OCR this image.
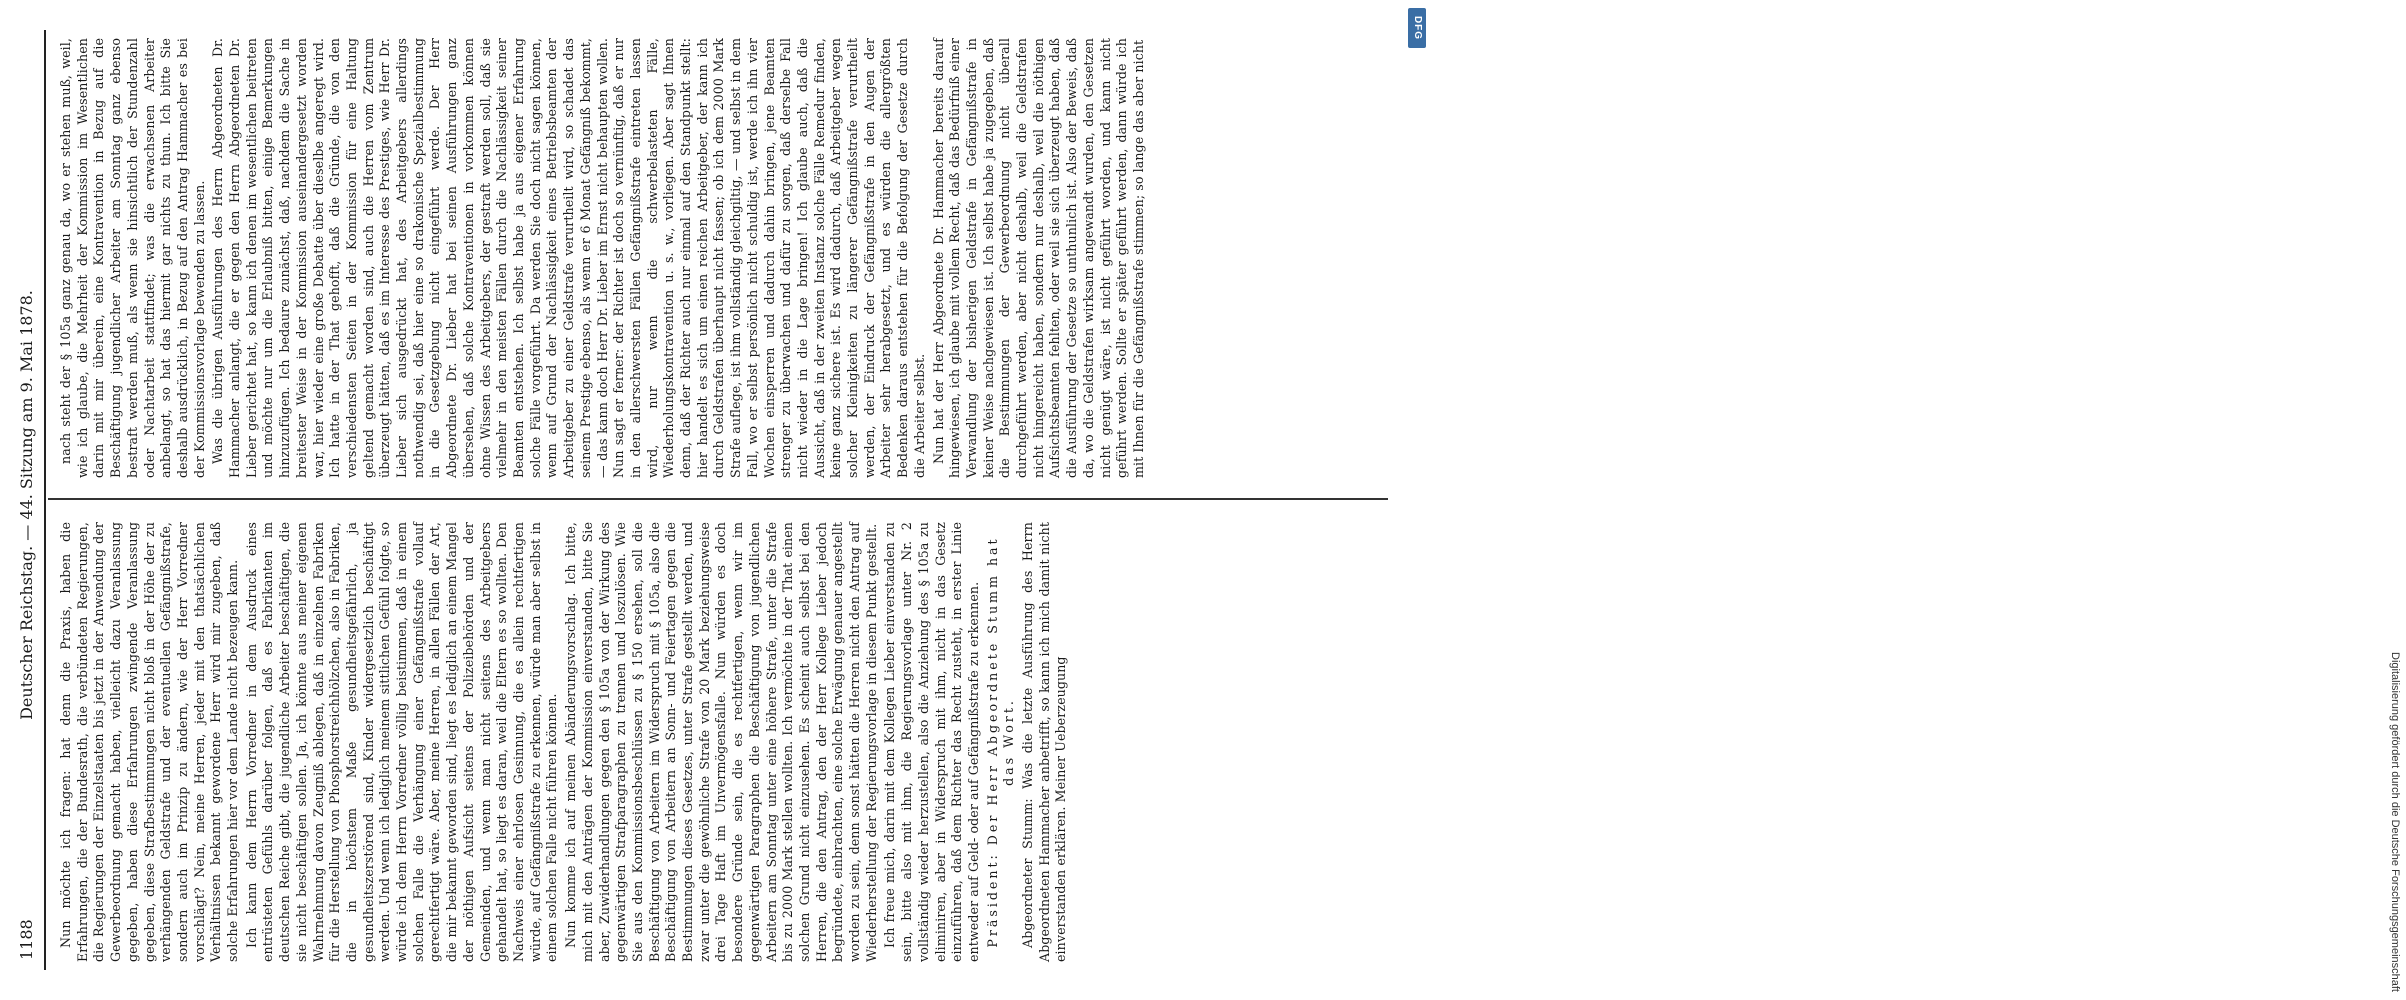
1188
Deutscher Reichstag. — 44. Sitzung am 9. Mai 1878.

Nun möchte ich fragen: hat denn die Praxis, haben die Erfahrungen, die der Bundesrath, die verbündeten Regierungen, die Regierungen der Einzelstaaten bis jetzt in der Anwendung der Gewerbeordnung gemacht haben, vielleicht dazu Veranlassung gegeben, haben diese Erfahrungen zwingende Veranlassung gegeben, diese Strafbestimmungen nicht bloß in der Höhe der zu verhängenden Geldstrafe und der eventuellen Gefängnißstrafe, sondern auch im Prinzip zu ändern, wie der Herr Vorredner vorschlägt? Nein, meine Herren, jeder mit den thatsächlichen Verhältnissen bekannt gewordene Herr wird mir zugeben, daß solche Erfahrungen hier vor dem Lande nicht bezeugen kann. Ich kann dem Herrn Vorredner in dem Ausdruck eines entrüsteten Gefühls darüber folgen, daß es Fabrikanten im deutschen Reiche gibt, die jugendliche Arbeiter beschäftigen, die sie nicht beschäftigen sollen. Ja, ich könnte aus meiner eigenen Wahrnehmung davon Zeugniß ablegen, daß in einzelnen Fabriken für die Herstellung von Phosphorstreichhölzchen, also in Fabriken, die in höchstem Maße gesundheitsgefährlich, ja gesundheitszerstörend sind, Kinder widergesetzlich beschäftigt werden. Und wenn ich lediglich meinem sittlichen Gefühl folgte, so würde ich dem Herrn Vorredner völlig beistimmen, daß in einem solchen Falle die Verhängung einer Gefängnißstrafe vollauf gerechtfertigt wäre. Aber, meine Herren, in allen Fällen der Art, die mir bekannt geworden sind, liegt es lediglich an einem Mangel der nöthigen Aufsicht seitens der Polizeibehörden und der Gemeinden, und wenn man nicht seitens des Arbeitgebers gehandelt hat, so liegt es daran, weil die Eltern es so wollten. Den Nachweis einer ehrlosen Gesinnung, die es allein rechtfertigen würde, auf Gefängnißstrafe zu erkennen, würde man aber selbst in einem solchen Falle nicht führen können. Nun komme ich auf meinen Abänderungsvorschlag. Ich bitte, mich mit den Anträgen der Kommission einverstanden, bitte Sie aber, Zuwiderhandlungen gegen den § 105a von der Wirkung des gegenwärtigen Strafparagraphen zu trennen und loszulösen. Wie Sie aus den Kommissionsbeschlüssen zu § 150 ersehen, soll die Beschäftigung von Arbeitern im Widerspruch mit § 105a, also die Beschäftigung von Arbeitern an Sonn- und Feiertagen gegen die Bestimmungen dieses Gesetzes, unter Strafe gestellt werden, und zwar unter die gewöhnliche Strafe von 20 Mark beziehungsweise drei Tage Haft im Unvermögensfalle. Nun würden es doch besondere Gründe sein, die es rechtfertigen, wenn wir im gegenwärtigen Paragraphen die Beschäftigung von jugendlichen Arbeitern am Sonntag unter eine höhere Strafe, unter die Strafe bis zu 2000 Mark stellen wollten. Ich vermöchte in der That einen solchen Grund nicht einzusehen. Es scheint auch selbst bei den Herren, die den Antrag, den der Herr Kollege Lieber jedoch begründete, einbrachten, eine solche Erwägung genauer angestellt worden zu sein, denn sonst hätten die Herren nicht den Antrag auf Wiederherstellung der Regierungsvorlage in diesem Punkt gestellt. Ich freue mich, darin mit dem Kollegen Lieber einverstanden zu sein, bitte also mit ihm, die Regierungsvorlage unter Nr. 2 vollständig wieder herzustellen, also die Anziehung des § 105a zu eliminiren, aber in Widerspruch mit ihm, nicht in das Gesetz einzuführen, daß dem Richter das Recht zusteht, in erster Linie entweder auf Geld- oder auf Gefängnißstrafe zu erkennen. Präsident: Der Herr Abgeordnete Stumm hat das Wort. Abgeordneter Stumm: Was die letzte Ausführung des Herrn Abgeordneten Hammacher anbetrifft, so kann ich mich damit nicht einverstanden erklären. Meiner Ueberzeugung

nach steht der § 105a ganz genau da, wo er stehen muß, weil, wie ich glaube, die Mehrheit der Kommission im Wesentlichen darin mit mir überein, eine Kontravention in Bezug auf die Beschäftigung jugendlicher Arbeiter am Sonntag ganz ebenso bestraft werden muß, als wenn sie hinsichtlich der Stundenzahl oder Nachtarbeit stattfindet; was die erwachsenen Arbeiter anbelangt, so hat das hiermit gar nichts zu thun. Ich bitte Sie deshalb ausdrücklich, in Bezug auf den Antrag Hammacher es bei der Kommissionsvorlage bewenden zu lassen. Was die übrigen Ausführungen des Herrn Abgeordneten Dr. Hammacher anlangt, die er gegen den Herrn Abgeordneten Dr. Lieber gerichtet hat, so kann ich denen im wesentlichen beitreten und möchte nur um die Erlaubniß bitten, einige Bemerkungen hinzuzufügen. Ich bedaure zunächst, daß, nachdem die Sache in breitester Weise in der Kommission auseinandergesetzt worden war, hier wieder eine große Debatte über dieselbe angeregt wird. Ich hatte in der That gehofft, daß die Gründe, die von den verschiedensten Seiten in der Kommission für eine Haltung geltend gemacht worden sind, auch die Herren vom Zentrum überzeugt hätten, daß es im Interesse des Prestiges, wie Herr Dr. Lieber sich ausgedrückt hat, des Arbeitgebers allerdings nothwendig sei, daß hier eine so drakonische Spezialbestimmung in die Gesetzgebung nicht eingeführt werde. Der Herr Abgeordnete Dr. Lieber hat bei seinen Ausführungen ganz übersehen, daß solche Kontraventionen in vorkommen können ohne Wissen des Arbeitgebers, der gestraft werden soll, daß sie vielmehr in den meisten Fällen durch die Nachlässigkeit seiner Beamten entstehen. Ich selbst habe ja aus eigener Erfahrung solche Fälle vorgeführt. Da werden Sie doch nicht sagen können, wenn auf Grund der Nachlässigkeit eines Betriebsbeamten der Arbeitgeber zu einer Geldstrafe verurtheilt wird, so schadet das seinem Prestige ebenso, als wenn er 6 Monat Gefängniß bekommt, — das kann doch Herr Dr. Lieber im Ernst nicht behaupten wollen. Nun sagt er ferner: der Richter ist doch so vernünftig, daß er nur in den allerschwersten Fällen Gefängnißstrafe eintreten lassen wird, nur wenn die schwerbelasteten Fälle, Wiederholungskontravention u. s. w., vorliegen. Aber sagt Ihnen denn, daß der Richter auch nur einmal auf den Standpunkt stellt: hier handelt es sich um einen reichen Arbeitgeber, der kann ich durch Geldstrafen überhaupt nicht fassen; ob ich dem 2000 Mark Strafe auflege, ist ihm vollständig gleichgiltig, — und selbst in dem Fall, wo er selbst persönlich nicht schuldig ist, werde ich ihn vier Wochen einsperren und dadurch dahin bringen, jene Beamten strenger zu überwachen und dafür zu sorgen, daß derselbe Fall nicht wieder in die Lage bringen! Ich glaube auch, daß die Aussicht, daß in der zweiten Instanz solche Fälle Remedur finden, keine ganz sichere ist. Es wird dadurch, daß Arbeitgeber wegen solcher Kleinigkeiten zu längerer Gefängnißstrafe verurtheilt werden, der Eindruck der Gefängnißstrafe in den Augen der Arbeiter sehr herabgesetzt, und es würden die allergrößten Bedenken daraus entstehen für die Befolgung der Gesetze durch die Arbeiter selbst. Nun hat der Herr Abgeordnete Dr. Hammacher bereits darauf hingewiesen, ich glaube mit vollem Recht, daß das Bedürfniß einer Verwandlung der bisherigen Geldstrafe in Gefängnißstrafe in keiner Weise nachgewiesen ist. Ich selbst habe ja zugegeben, daß die Bestimmungen der Gewerbeordnung nicht überall durchgeführt werden, aber nicht deshalb, weil die Geldstrafen nicht hingereicht haben, sondern nur deshalb, weil die nöthigen Aufsichtsbeamten fehlten, oder weil sie sich überzeugt haben, daß die Ausführung der Gesetze so unthunlich ist. Also der Beweis, daß da, wo die Geldstrafen wirksam angewandt wurden, den Gesetzen nicht genügt wäre, ist nicht geführt worden, und kann nicht geführt werden. Sollte er später geführt werden, dann würde ich mit Ihnen für die Gefängnißstrafe stimmen; so lange das aber nicht

Digitalisierung gefördert durch die Deutsche Forschungsgemeinschaft
DFG
